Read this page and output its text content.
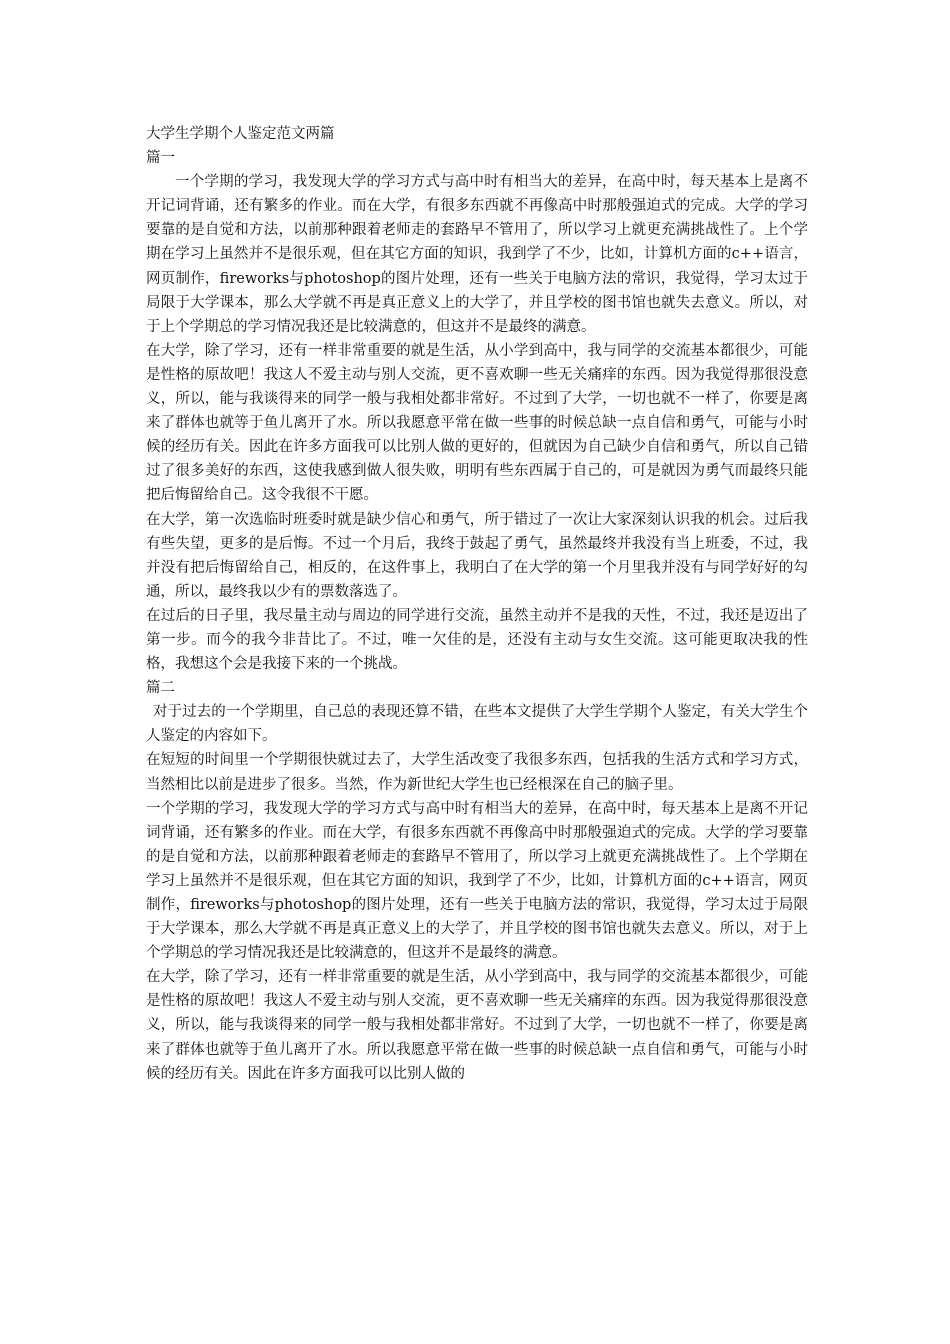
大学生学期个人鉴定范文两篇

篇一

一个学期的学习，我发现大学的学习方式与高中时有相当大的差异，在高中时，每天基本上是离不开记词背诵，还有繁多的作业。而在大学，有很多东西就不再像高中时那般强迫式的完成。大学的学习要靠的是自觉和方法，以前那种跟着老师走的套路早不管用了，所以学习上就更充满挑战性了。上个学期在学习上虽然并不是很乐观，但在其它方面的知识，我到学了不少，比如，计算机方面的c++语言，网页制作，fireworks与photoshop的图片处理，还有一些关于电脑方法的常识，我觉得，学习太过于局限于大学课本，那么大学就不再是真正意义上的大学了，并且学校的图书馆也就失去意义。所以，对于上个学期总的学习情况我还是比较满意的，但这并不是最终的满意。

在大学，除了学习，还有一样非常重要的就是生活，从小学到高中，我与同学的交流基本都很少，可能是性格的原故吧！我这人不爱主动与别人交流，更不喜欢聊一些无关痛痒的东西。因为我觉得那很没意义，所以，能与我谈得来的同学一般与我相处都非常好。不过到了大学，一切也就不一样了，你要是离来了群体也就等于鱼儿离开了水。所以我愿意平常在做一些事的时候总缺一点自信和勇气，可能与小时候的经历有关。因此在许多方面我可以比别人做的更好的，但就因为自己缺少自信和勇气，所以自己错过了很多美好的东西，这使我感到做人很失败，明明有些东西属于自己的，可是就因为勇气而最终只能把后悔留给自己。这令我很不干愿。

在大学，第一次选临时班委时就是缺少信心和勇气，所于错过了一次让大家深刻认识我的机会。过后我有些失望，更多的是后悔。不过一个月后，我终于鼓起了勇气，虽然最终并我没有当上班委，不过，我并没有把后悔留给自己，相反的，在这件事上，我明白了在大学的第一个月里我并没有与同学好好的勾通，所以，最终我以少有的票数落选了。

在过后的日子里，我尽量主动与周边的同学进行交流，虽然主动并不是我的天性，不过，我还是迈出了第一步。而今的我今非昔比了。不过，唯一欠佳的是，还没有主动与女生交流。这可能更取决我的性格，我想这个会是我接下来的一个挑战。

篇二

对于过去的一个学期里，自己总的表现还算不错，在些本文提供了大学生学期个人鉴定，有关大学生个人鉴定的内容如下。

在短短的时间里一个学期很快就过去了，大学生活改变了我很多东西，包括我的生活方式和学习方式，当然相比以前是进步了很多。当然，作为新世纪大学生也已经根深在自己的脑子里。

一个学期的学习，我发现大学的学习方式与高中时有相当大的差异，在高中时，每天基本上是离不开记词背诵，还有繁多的作业。而在大学，有很多东西就不再像高中时那般强迫式的完成。大学的学习要靠的是自觉和方法，以前那种跟着老师走的套路早不管用了，所以学习上就更充满挑战性了。上个学期在学习上虽然并不是很乐观，但在其它方面的知识，我到学了不少，比如，计算机方面的c++语言，网页制作，fireworks与photoshop的图片处理，还有一些关于电脑方法的常识，我觉得，学习太过于局限于大学课本，那么大学就不再是真正意义上的大学了，并且学校的图书馆也就失去意义。所以，对于上个学期总的学习情况我还是比较满意的，但这并不是最终的满意。

在大学，除了学习，还有一样非常重要的就是生活，从小学到高中，我与同学的交流基本都很少，可能是性格的原故吧！我这人不爱主动与别人交流，更不喜欢聊一些无关痛痒的东西。因为我觉得那很没意义，所以，能与我谈得来的同学一般与我相处都非常好。不过到了大学，一切也就不一样了，你要是离来了群体也就等于鱼儿离开了水。所以我愿意平常在做一些事的时候总缺一点自信和勇气，可能与小时候的经历有关。因此在许多方面我可以比别人做的
